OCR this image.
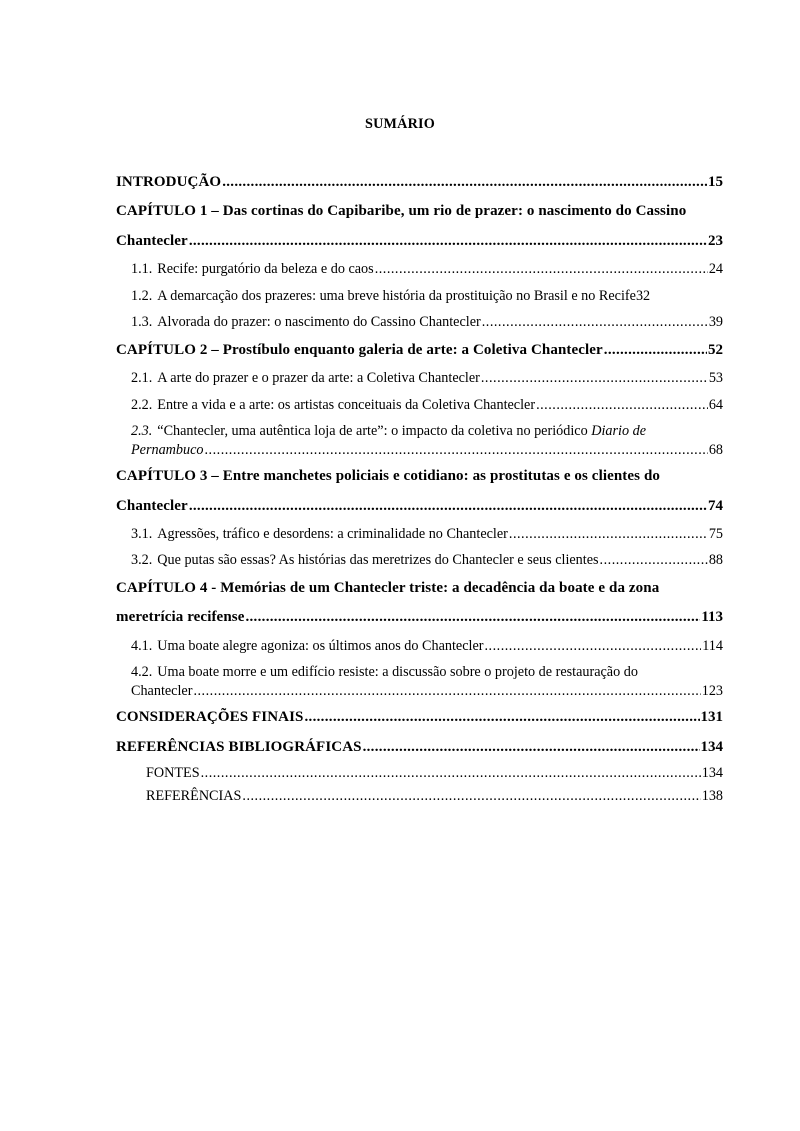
SUMÁRIO
INTRODUÇÃO .....	15
CAPÍTULO 1 – Das cortinas do Capibaribe, um rio de prazer: o nascimento do Cassino
Chantecler .....	23
1.1. Recife: purgatório da beleza e do caos .....	24
1.2. A demarcação dos prazeres: uma breve história da prostituição no Brasil e no Recife 32
1.3. Alvorada do prazer: o nascimento do Cassino Chantecler .....	39
CAPÍTULO 2 – Prostíbulo enquanto galeria de arte: a Coletiva Chantecler .....	52
2.1. A arte do prazer e o prazer da arte: a Coletiva Chantecler .....	53
2.2. Entre a vida e a arte: os artistas conceituais da Coletiva Chantecler .....	64
2.3. “Chantecler, uma autêntica loja de arte”: o impacto da coletiva no periódico Diario de
Pernambuco .....	68
CAPÍTULO 3 – Entre manchetes policiais e cotidiano: as prostitutas e os clientes do
Chantecler .....	74
3.1. Agressões, tráfico e desordens: a criminalidade no Chantecler .....	75
3.2. Que putas são essas? As histórias das meretrizes do Chantecler e seus clientes .....	88
CAPÍTULO 4 - Memórias de um Chantecler triste: a decadência da boate e da zona
meretrícia recifense .....	113
4.1. Uma boate alegre agoniza: os últimos anos do Chantecler .....	114
4.2. Uma boate morre e um edifício resiste: a discussão sobre o projeto de restauração do
Chantecler .....	123
CONSIDERAÇÕES FINAIS .....	131
REFERÊNCIAS BIBLIOGRÁFICAS .....	134
FONTES .....	134
REFERÊNCIAS .....	138
